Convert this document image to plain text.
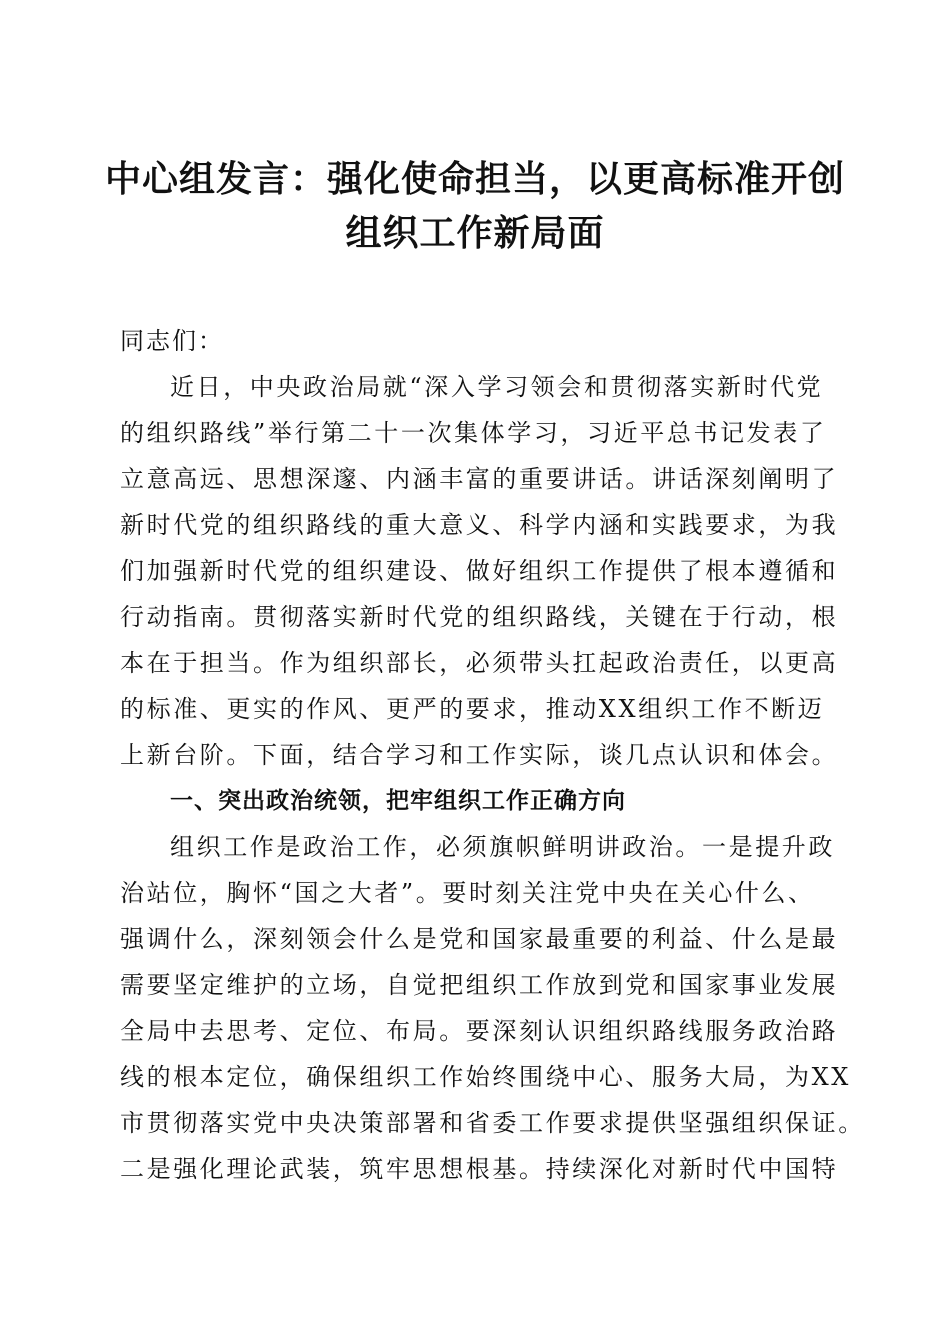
中心组发言：强化使命担当，以更高标准开创
组织工作新局面
同志们：
近日，中央政治局就“深入学习领会和贯彻落实新时代党
的组织路线”举行第二十一次集体学习，习近平总书记发表了
立意高远、思想深邃、内涵丰富的重要讲话。讲话深刻阐明了
新时代党的组织路线的重大意义、科学内涵和实践要求，为我
们加强新时代党的组织建设、做好组织工作提供了根本遵循和
行动指南。贯彻落实新时代党的组织路线，关键在于行动，根
本在于担当。作为组织部长，必须带头扛起政治责任，以更高
的标准、更实的作风、更严的要求，推动XX组织工作不断迈
上新台阶。下面，结合学习和工作实际，谈几点认识和体会。
一、突出政治统领，把牢组织工作正确方向
组织工作是政治工作，必须旗帜鲜明讲政治。一是提升政
治站位，胸怀“国之大者”。要时刻关注党中央在关心什么、
强调什么，深刻领会什么是党和国家最重要的利益、什么是最
需要坚定维护的立场，自觉把组织工作放到党和国家事业发展
全局中去思考、定位、布局。要深刻认识组织路线服务政治路
线的根本定位，确保组织工作始终围绕中心、服务大局，为XX
市贯彻落实党中央决策部署和省委工作要求提供坚强组织保证。
二是强化理论武装，筑牢思想根基。持续深化对新时代中国特
